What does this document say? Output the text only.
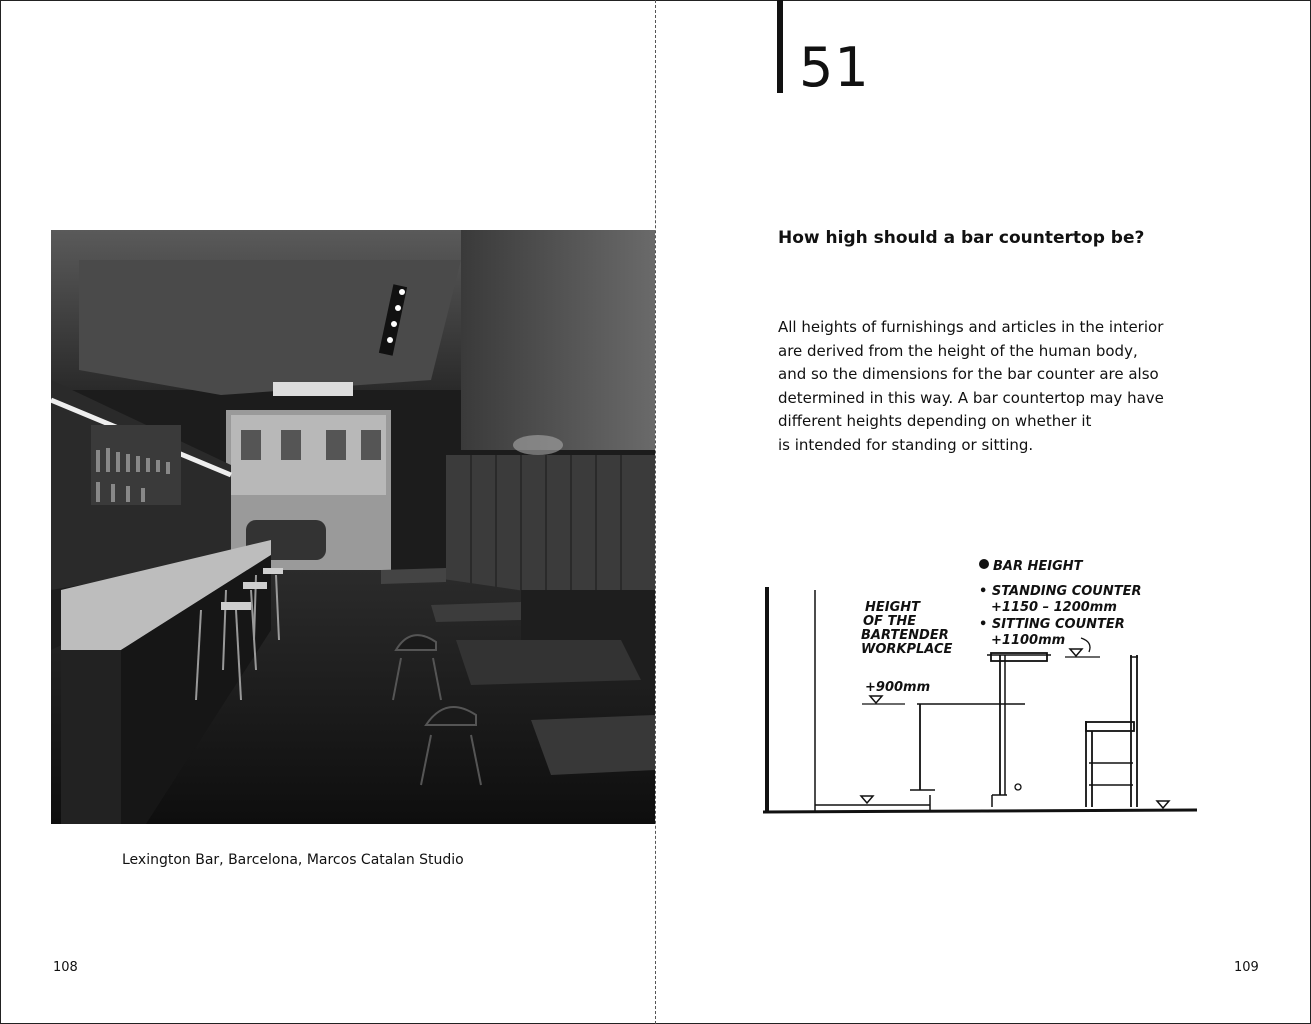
Lexington Bar, Barcelona, Marcos Catalan Studio
108
51
How high should a bar countertop be?

All heights of furnishings and articles in the interior
are derived from the height of the human body,
and so the dimensions for the bar counter are also
determined in this way. A bar countertop may have
different heights depending on whether it
is intended for standing or sitting.

HEIGHT
OF THE
BARTENDER
WORKPLACE
+900mm
BAR HEIGHT
• STANDING COUNTER
+1150 – 1200mm
• SITTING COUNTER
+1100mm
109
